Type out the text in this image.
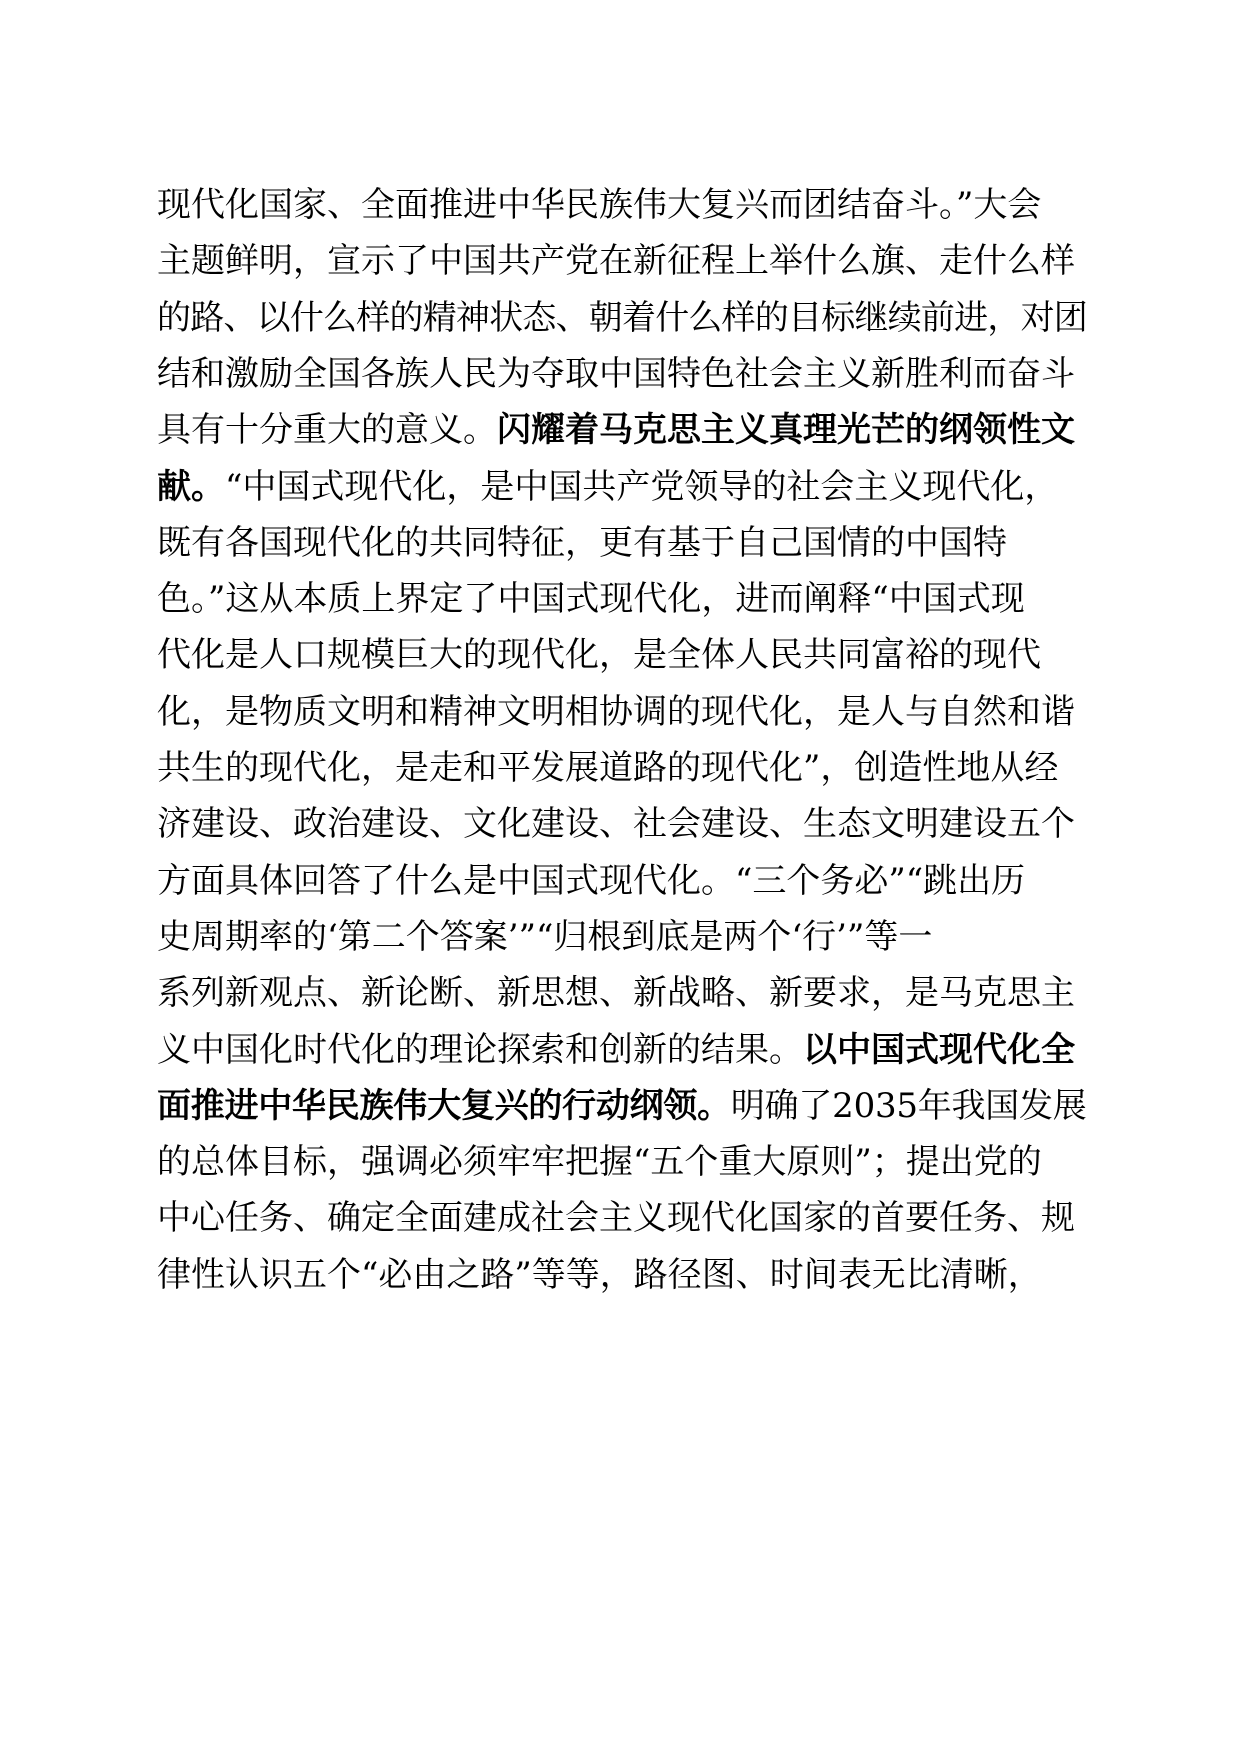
现代化国家、全面推进中华民族伟大复兴而团结奋斗。”大会
主题鲜明，宣示了中国共产党在新征程上举什么旗、走什么样
的路、以什么样的精神状态、朝着什么样的目标继续前进，对团
结和激励全国各族人民为夺取中国特色社会主义新胜利而奋斗
具有十分重大的意义。闪耀着马克思主义真理光芒的纲领性文
献。“中国式现代化，是中国共产党领导的社会主义现代化，
既有各国现代化的共同特征，更有基于自己国情的中国特
色。”这从本质上界定了中国式现代化，进而阐释“中国式现
代化是人口规模巨大的现代化，是全体人民共同富裕的现代
化，是物质文明和精神文明相协调的现代化，是人与自然和谐
共生的现代化，是走和平发展道路的现代化”，创造性地从经
济建设、政治建设、文化建设、社会建设、生态文明建设五个
方面具体回答了什么是中国式现代化。“三个务必”“跳出历
史周期率的‘第二个答案’”“归根到底是两个‘行’”等一
系列新观点、新论断、新思想、新战略、新要求，是马克思主
义中国化时代化的理论探索和创新的结果。以中国式现代化全
面推进中华民族伟大复兴的行动纲领。明确了2035年我国发展
的总体目标，强调必须牢牢把握“五个重大原则”；提出党的
中心任务、确定全面建成社会主义现代化国家的首要任务、规
律性认识五个“必由之路”等等，路径图、时间表无比清晰，
